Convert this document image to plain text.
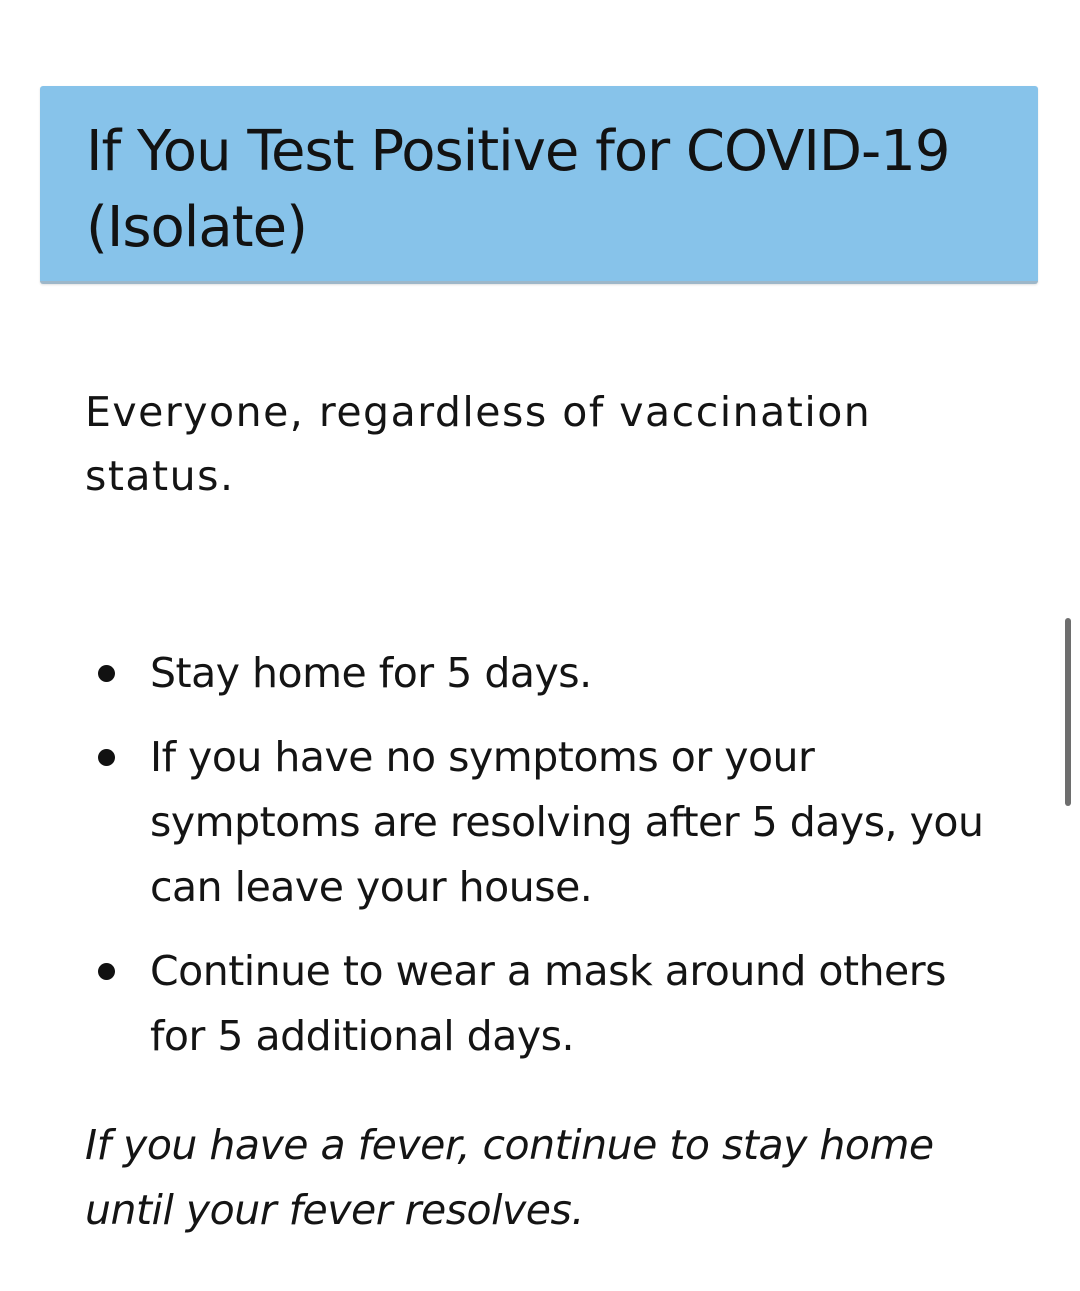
If You Test Positive for COVID-19
(Isolate)

Everyone, regardless of vaccination status.

Stay home for 5 days.
If you have no symptoms or your symptoms are resolving after 5 days, you can leave your house.
Continue to wear a mask around others for 5 additional days.

If you have a fever, continue to stay home until your fever resolves.
